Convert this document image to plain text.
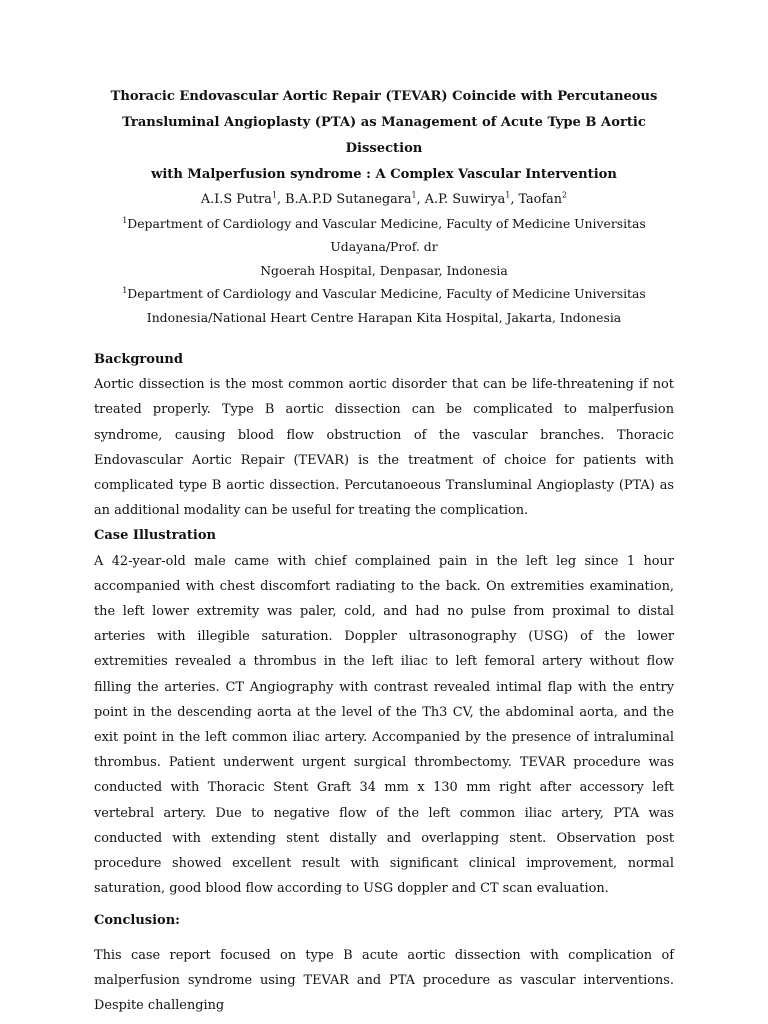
Thoracic Endovascular Aortic Repair (TEVAR) Coincide with Percutaneous

Transluminal Angioplasty (PTA) as Management of Acute Type B Aortic Dissection

with Malperfusion syndrome : A Complex Vascular Intervention

A.I.S Putra$^1$, B.A.P.D Sutanegara$^1$, A.P. Suwirya$^1$, Taofan$^2$

$^1$Department of Cardiology and Vascular Medicine, Faculty of Medicine Universitas Udayana/Prof. dr

Ngoerah Hospital, Denpasar, Indonesia

$^1$Department of Cardiology and Vascular Medicine, Faculty of Medicine Universitas

Indonesia/National Heart Centre Harapan Kita Hospital, Jakarta, Indonesia

Background

Aortic dissection is the most common aortic disorder that can be life-threatening if not treated properly. Type B aortic dissection can be complicated to malperfusion syndrome, causing blood flow obstruction of the vascular branches. Thoracic Endovascular Aortic Repair (TEVAR) is the treatment of choice for patients with complicated type B aortic dissection. Percutanoeous Transluminal Angioplasty (PTA) as an additional modality can be useful for treating the complication.

Case Illustration

A 42-year-old male came with chief complained pain in the left leg since 1 hour accompanied with chest discomfort radiating to the back. On extremities examination, the left lower extremity was paler, cold, and had no pulse from proximal to distal arteries with illegible saturation. Doppler ultrasonography (USG) of the lower extremities revealed a thrombus in the left iliac to left femoral artery without flow filling the arteries. CT Angiography with contrast revealed intimal flap with the entry point in the descending aorta at the level of the Th3 CV, the abdominal aorta, and the exit point in the left common iliac artery. Accompanied by the presence of intraluminal thrombus. Patient underwent urgent surgical thrombectomy. TEVAR procedure was conducted with Thoracic Stent Graft 34 mm x 130 mm right after accessory left vertebral artery. Due to negative flow of the left common iliac artery, PTA was conducted with extending stent distally and overlapping stent. Observation post procedure showed excellent result with significant clinical improvement, normal saturation, good blood flow according to USG doppler and CT scan evaluation.

Conclusion:

This case report focused on type B acute aortic dissection with complication of malperfusion syndrome using TEVAR and PTA procedure as vascular interventions. Despite challenging
